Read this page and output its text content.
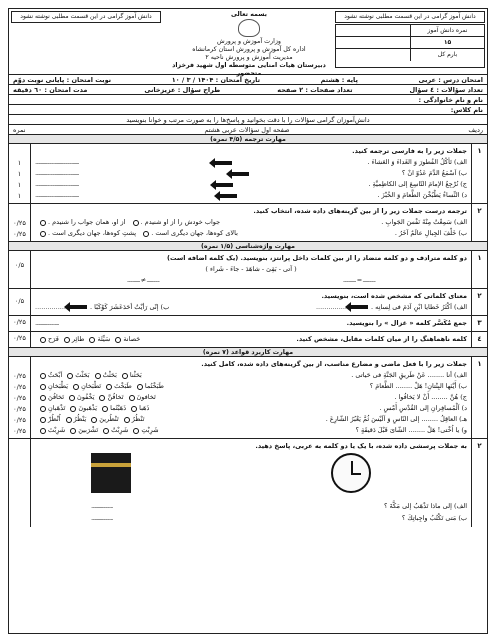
دانش آموز گرامی در این قسمت مطلبی نوشته نشود
دانش آموز گرامی در این قسمت مطلبی نوشته نشود
نمره دانش آموز
۱۵
بارم کل
بسمه تعالی
وزارت آموزش و پرورش
اداره کل آموزش و پرورش استان کرمانشاه
مدیریت آموزش و پرورش ناحیه ۲
دبیرستان هیات امنایی متوسطه اول شهید فرخزاد متحضور
امتحان درس : عربی
پایه : هشتم
تاریخ امتحان : ۱۴۰۴ / ۳ / ۱۰
نوبت امتحان : پایانی نوبت دوّم
تعداد سؤالات : ٤ سؤال
تعداد صفحات : ۲ صفحه
طراح سؤال : عزیزخانی
مدت امتحان : ٦٠ دقیقه
نام و نام خانوادگی :
نام کلاس:
دانش‌آموزان گرامی سؤالات را با دقت بخوانید و پاسخ‌ها را به صورت مرتب و خوانا بنویسید
ردیف
صفحه اول سؤالات عربی هشتم
نمره
مهارت ترجمه (۴/۵ نمره)
۱
جملات زیر را به فارسی ترجمه کنید.
الف) تَأكُلُ الفُطورَ وَ الغَداءَ وَ العَشاءَ .
.........................................
ب) اَسْمَعُ الدَّمَ عَدُوّ انْ ؟
.........................................
ج) نُرْجِعُ الإمامَ التّاسِعَ إلى الكاظِمیَّةِ .
.........................................
د) النِّساءُ يَطْبُخْنَ الطَّعامَ وَ الخُبْزَ .
.........................................
۱
۱
۱
۱
۲
ترجمه درست جملات زیر را از بین گزینه‌های داده شده، انتخاب کنید.
الف) سَمِعْتُ مِنْهُ نَفْسَ الجَوابِ .
جواب خودش را از او شنیدم .

از او، همان جواب را شنیدم .
ب) خَلْفَ الجِبالِ عالَمٌ آخَرُ .
بالای کوه‌ها، جهان دیگری است .

پشتِ کوه‌ها، جهان دیگری است .
۰/۲۵
۰/۲۵
مهارت واژه‌شناسی (۱/۵ نمره)
۱
دو کلمه مترادف و دو کلمه متضاد را از بین کلمات داخل پرانتز، بنویسید. (یک کلمه اضافه است)
( آتى - بَقِیَ - شاهَدَ - جاءَ - شَراء )
............ = ............
............ ≠ ............
۰/۵
۲
معنای کلماتی که مشخص شده است، بنویسید.
الف) اَكْثَرُ خَطایا ابْنِ آدَمَ فی لِسانِه ................
ب) إنّی رَأیْتُ أحَدَعَشَرَ كَوْكَبًا ................
۰/۵
۳
جمع مُكَسَّر کلمه « غزال » را بنویسید.
......................
۰/۲۵
٤
کلمه ناهماهنگ را از میان کلمات مقابل، مشخص کنید.
حَصانة
سَیِّئَة
طائِر
فَرَح
۰/۲۵
مهارت کاربرد قواعد (۷ نمره)
۱
جملات زیر را با فعل ماضی و مضارع مناسب، از بین گزینه‌های داده شده، کامل کنید.
الف) أنا ........ عَنْ طَریقِ الجَنَّةِ فی حَیاتی .
بَحَثْنا
بَحَثْتُ
بَحَثْتَ
اَبْحَثُ
ب) أَيْنَها البِنْتانِ! هَلْ ........ الطَّعامَ ؟
طَبَخْتُما
طَبَخْتَ
تَطْبَخانِ
يَطْبَخانِ
ج) هُنَّ ........ أَنْ لا یَخافُوا .
تَخافونَ
تَخافُنَّ
يَخْفُونَ
تَخافُنَ
د) اَلْمُسافِرانِ إلى القُدْسِ أَمْسِ .
ذَهَبا
ذَهَبْتُما
يَذْهَبونَ
تَذْهَبانِ
هـ) العاقِلُ ........ إلى النّاسِ وَ اَلَیْسَ ثُمَّ یَعْبُرُ الشّارِعَ .
تَنْظُرُ
تَنْظُرینَ
يَنْظُرُ
اُنْظُرْ
و) یا اُخْتی! هَلْ ........ الشّایَ قَبْلَ دَقیقَةٍ ؟
شَرِبْتِ
شَرِبْتُ
تَشْرَبینَ
شَرِبْتَ
۰/۲۵
۰/۲۵
۰/۲۵
۰/۲۵
۰/۲۵
۰/۲۵
۲
به جملات پرسشی داده شده، با یک یا دو کلمه به عربی، پاسخ دهید.
الف) إلى ماذا تَذْهَبُ إلى مَكَّةَ ؟
ب) مَتى تَكْتُبُ واجِباتِكَ ؟
....................
....................
